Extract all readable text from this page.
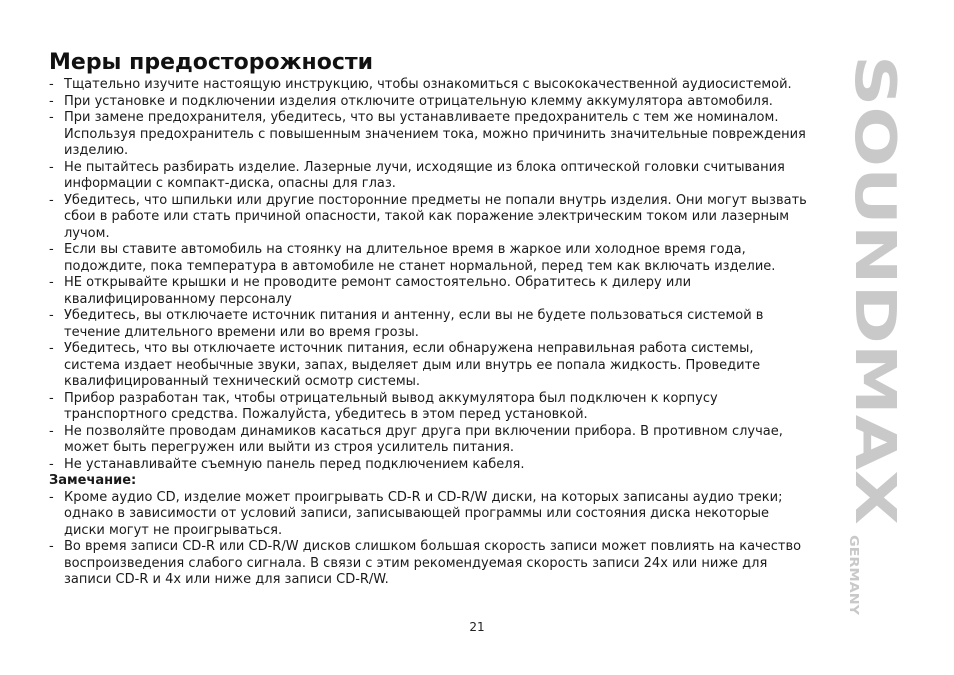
Меры предосторожности
- Тщательно изучите настоящую инструкцию, чтобы ознакомиться с высококачественной аудиосистемой.
- При установке и подключении изделия отключите отрицательную клемму аккумулятора автомобиля.
- При замене предохранителя, убедитесь, что вы устанавливаете предохранитель с тем же номиналом. Используя предохранитель с повышенным значением тока, можно причинить значительные повреждения изделию.
- Не пытайтесь разбирать изделие. Лазерные лучи, исходящие из блока оптической головки считывания информации с компакт-диска, опасны для глаз.
- Убедитесь, что шпильки или другие посторонние предметы не попали внутрь изделия. Они могут вызвать сбои в работе или стать причиной опасности, такой как поражение электрическим током или лазерным лучом.
- Если вы ставите автомобиль на стоянку на длительное время в жаркое или холодное время года, подождите, пока температура в автомобиле не станет нормальной, перед тем как включать изделие.
- НЕ открывайте крышки и не проводите ремонт самостоятельно. Обратитесь к дилеру или квалифицированному персоналу
- Убедитесь, вы отключаете источник питания и антенну, если вы не будете пользоваться системой в течение длительного времени или во время грозы.
- Убедитесь, что вы отключаете источник питания, если обнаружена неправильная работа системы, система издает необычные звуки, запах, выделяет дым или внутрь ее попала жидкость. Проведите квалифицированный технический осмотр системы.
- Прибор разработан так, чтобы отрицательный вывод аккумулятора был подключен к корпусу транспортного средства. Пожалуйста, убедитесь в этом перед установкой.
- Не позволяйте проводам динамиков касаться друг друга при включении прибора. В противном случае, может быть перегружен или выйти из строя усилитель питания.
- Не устанавливайте съемную панель перед подключением кабеля.
Замечание:
- Кроме аудио CD, изделие может проигрывать CD-R и CD-R/W диски, на которых записаны аудио треки; однако в зависимости от условий записи, записывающей программы или состояния диска некоторые диски могут не проигрываться.
- Во время записи CD-R или CD-R/W дисков слишком большая скорость записи может повлиять на качество воспроизведения слабого сигнала. В связи с этим рекомендуемая скорость записи 24x или ниже для записи CD-R и 4x или ниже для записи CD-R/W.
21
SOUNDMAX
GERMANY
